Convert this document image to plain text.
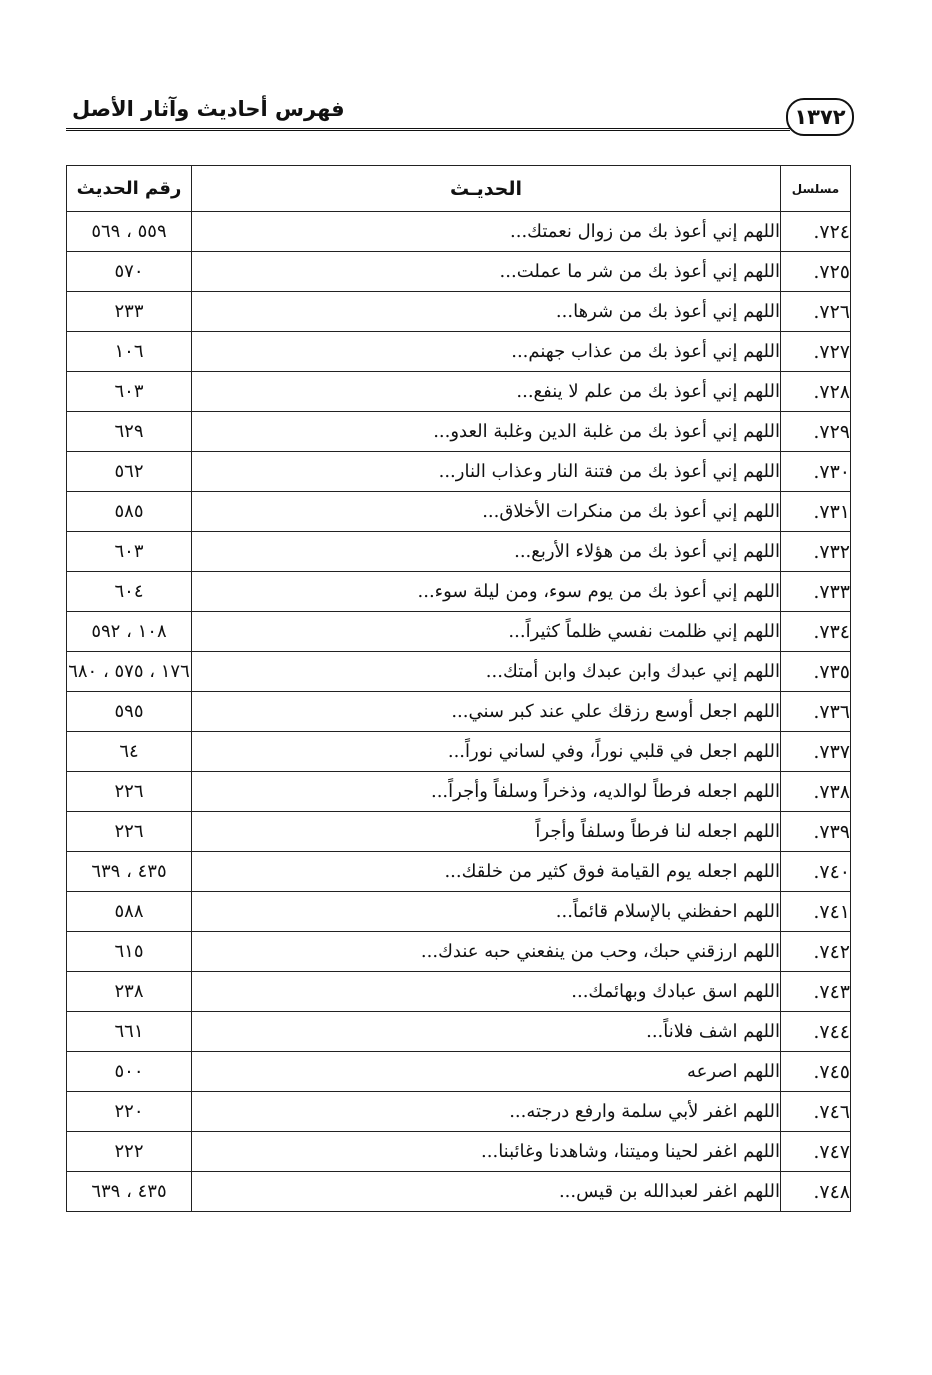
١٣٧٢
فهرس أحاديث وآثار الأصل
مسلسل	الحديـث	رقم الحديث
٧٢٤.	اللهم إني أعوذ بك من زوال نعمتك...	٥٥٩ ، ٥٦٩
٧٢٥.	اللهم إني أعوذ بك من شر ما عملت...	٥٧٠
٧٢٦.	اللهم إني أعوذ بك من شرها...	٢٣٣
٧٢٧.	اللهم إني أعوذ بك من عذاب جهنم...	١٠٦
٧٢٨.	اللهم إني أعوذ بك من علم لا ينفع...	٦٠٣
٧٢٩.	اللهم إني أعوذ بك من غلبة الدين وغلبة العدو...	٦٢٩
٧٣٠.	اللهم إني أعوذ بك من فتنة النار وعذاب النار...	٥٦٢
٧٣١.	اللهم إني أعوذ بك من منكرات الأخلاق...	٥٨٥
٧٣٢.	اللهم إني أعوذ بك من هؤلاء الأربع...	٦٠٣
٧٣٣.	اللهم إني أعوذ بك من يوم سوء، ومن ليلة سوء...	٦٠٤
٧٣٤.	اللهم إني ظلمت نفسي ظلماً كثيراً...	١٠٨ ، ٥٩٢
٧٣٥.	اللهم إني عبدك وابن عبدك وابن أمتك...	١٧٦ ، ٥٧٥ ، ٦٨٠
٧٣٦.	اللهم اجعل أوسع رزقك علي عند كبر سني...	٥٩٥
٧٣٧.	اللهم اجعل في قلبي نوراً، وفي لساني نوراً...	٦٤
٧٣٨.	اللهم اجعله فرطاً لوالديه، وذخراً وسلفاً وأجراً...	٢٢٦
٧٣٩.	اللهم اجعله لنا فرطاً وسلفاً وأجراً	٢٢٦
٧٤٠.	اللهم اجعله يوم القيامة فوق كثير من خلقك...	٤٣٥ ، ٦٣٩
٧٤١.	اللهم احفظني بالإسلام قائماً...	٥٨٨
٧٤٢.	اللهم ارزقني حبك، وحب من ينفعني حبه عندك...	٦١٥
٧٤٣.	اللهم اسق عبادك وبهائمك...	٢٣٨
٧٤٤.	اللهم اشف فلاناً...	٦٦١
٧٤٥.	اللهم اصرعه	٥٠٠
٧٤٦.	اللهم اغفر لأبي سلمة وارفع درجته...	٢٢٠
٧٤٧.	اللهم اغفر لحينا وميتنا، وشاهدنا وغائبنا...	٢٢٢
٧٤٨.	اللهم اغفر لعبدالله بن قيس...	٤٣٥ ، ٦٣٩
